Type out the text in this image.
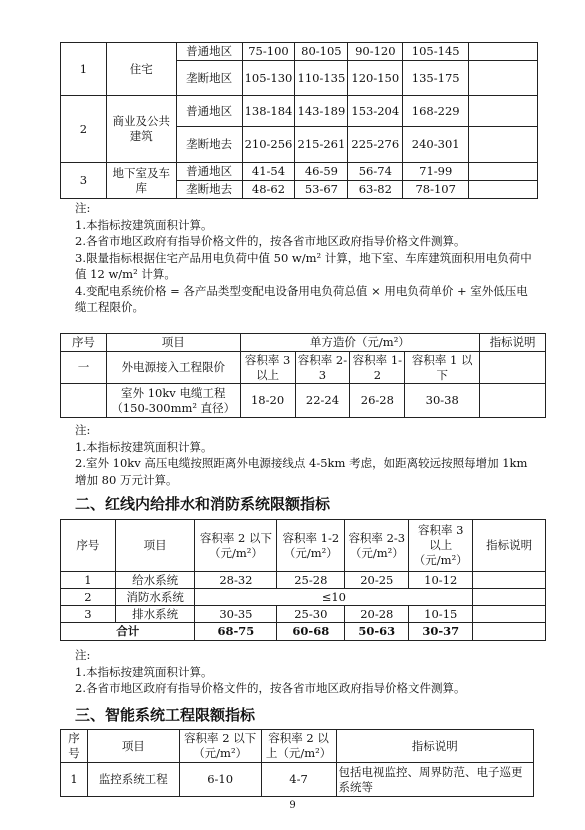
1	住宅	普通地区	75-100	80-105	90-120	105-145	
		垄断地区	105-130	110-135	120-150	135-175	
2	商业及公共建筑	普通地区	138-184	143-189	153-204	168-229	
		垄断地去	210-256	215-261	225-276	240-301	
3	地下室及车库	普通地区	41-54	46-59	56-74	71-99	
		垄断地去	48-62	53-67	63-82	78-107	
注:
1.本指标按建筑面积计算。
2.各省市地区政府有指导价格文件的，按各省市地区政府指导价格文件测算。
3.限量指标根据住宅产品用电负荷中值 50 w/m² 计算，地下室、车库建筑面积用电负荷中值 12 w/m² 计算。
4.变配电系统价格 = 各产品类型变配电设备用电负荷总值 × 用电负荷单价 + 室外低压电缆工程限价。
序号	项目	单方造价（元/m²）				指标说明
一	外电源接入工程限价	容积率 3 以上	容积率 2-3	容积率 1-2	容积率 1 以下	
	室外 10kv 电缆工程（150-300mm² 直径）	18-20	22-24	26-28	30-38	
注:
1.本指标按建筑面积计算。
2.室外 10kv 高压电缆按照距离外电源接线点 4-5km 考虑，如距离较远按照每增加 1km 增加 80 万元计算。
二、红线内给排水和消防系统限额指标
序号	项目	容积率 2 以下（元/m²）	容积率 1-2（元/m²）	容积率 2-3（元/m²）	容积率 3 以上（元/m²）	指标说明
1	给水系统	28-32	25-28	20-25	10-12	
2	消防水系统	≤10				
3	排水系统	30-35	25-30	20-28	10-15	
合计		68-75	60-68	50-63	30-37	
注:
1.本指标按建筑面积计算。
2.各省市地区政府有指导价格文件的，按各省市地区政府指导价格文件测算。
三、智能系统工程限额指标
序号	项目	容积率 2 以下（元/m²）	容积率 2 以上（元/m²）	指标说明
1	监控系统工程	6-10	4-7	包括电视监控、周界防范、电子巡更系统等
9
